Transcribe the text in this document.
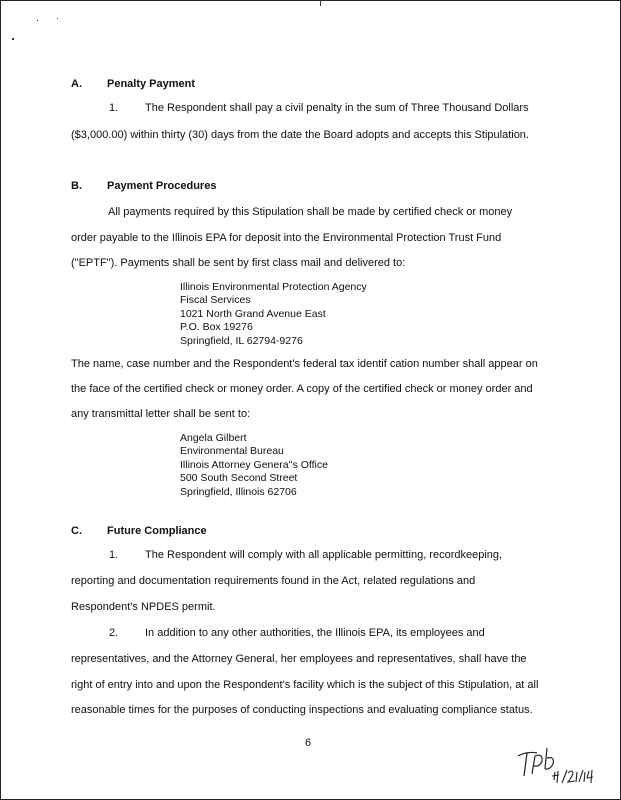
A. Penalty Payment
1. The Respondent shall pay a civil penalty in the sum of Three Thousand Dollars
($3,000.00) within thirty (30) days from the date the Board adopts and accepts this Stipulation.
B. Payment Procedures
All payments required by this Stipulation shall be made by certified check or money
order payable to the Illinois EPA for deposit into the Environmental Protection Trust Fund
("EPTF"). Payments shall be sent by first class mail and delivered to:
Illinois Environmental Protection Agency
Fiscal Services
1021 North Grand Avenue East
P.O. Box 19276
Springfield, IL 62794-9276
The name, case number and the Respondent's federal tax identif cation number shall appear on
the face of the certified check or money order. A copy of the certified check or money order and
any transmittal letter shall be sent to:
Angela Gilbert
Environmental Bureau
Illinois Attorney Genera''s Office
500 South Second Street
Springfield, Illinois 62706
C. Future Compliance
1. The Respondent will comply with all applicable permitting, recordkeeping,
reporting and documentation requirements found in the Act, related regulations and
Respondent's NPDES permit.
2. In addition to any other authorities, the Illinois EPA, its employees and
representatives, and the Attorney General, her employees and representatives, shall have the
right of entry into and upon the Respondent's facility which is the subject of this Stipulation, at all
reasonable times for the purposes of conducting inspections and evaluating compliance status.
6
